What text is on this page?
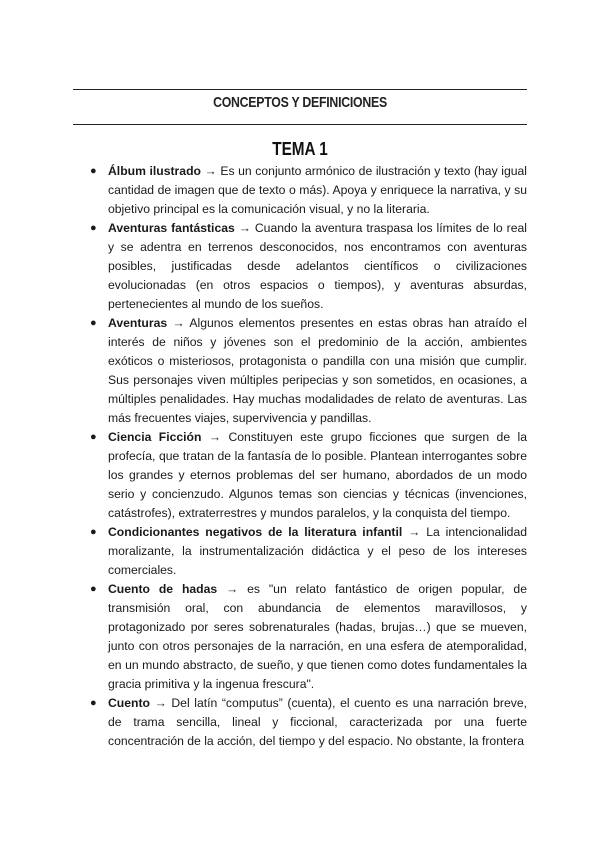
CONCEPTOS Y DEFINICIONES
TEMA 1
● Álbum ilustrado → Es un conjunto armónico de ilustración y texto (hay igual cantidad de imagen que de texto o más). Apoya y enriquece la narrativa, y su objetivo principal es la comunicación visual, y no la literaria.
● Aventuras fantásticas → Cuando la aventura traspasa los límites de lo real y se adentra en terrenos desconocidos, nos encontramos con aventuras posibles, justificadas desde adelantos científicos o civilizaciones evolucionadas (en otros espacios o tiempos), y aventuras absurdas, pertenecientes al mundo de los sueños.
● Aventuras → Algunos elementos presentes en estas obras han atraído el interés de niños y jóvenes son el predominio de la acción, ambientes exóticos o misteriosos, protagonista o pandilla con una misión que cumplir. Sus personajes viven múltiples peripecias y son sometidos, en ocasiones, a múltiples penalidades. Hay muchas modalidades de relato de aventuras. Las más frecuentes viajes, supervivencia y pandillas.
● Ciencia Ficción → Constituyen este grupo ficciones que surgen de la profecía, que tratan de la fantasía de lo posible. Plantean interrogantes sobre los grandes y eternos problemas del ser humano, abordados de un modo serio y concienzudo. Algunos temas son ciencias y técnicas (invenciones, catástrofes), extraterrestres y mundos paralelos, y la conquista del tiempo.
● Condicionantes negativos de la literatura infantil → La intencionalidad moralizante, la instrumentalización didáctica y el peso de los intereses comerciales.
● Cuento de hadas → es "un relato fantástico de origen popular, de transmisión oral, con abundancia de elementos maravillosos, y protagonizado por seres sobrenaturales (hadas, brujas…) que se mueven, junto con otros personajes de la narración, en una esfera de atemporalidad, en un mundo abstracto, de sueño, y que tienen como dotes fundamentales la gracia primitiva y la ingenua frescura".
● Cuento → Del latín “computus” (cuenta), el cuento es una narración breve, de trama sencilla, lineal y ficcional, caracterizada por una fuerte concentración de la acción, del tiempo y del espacio. No obstante, la frontera
